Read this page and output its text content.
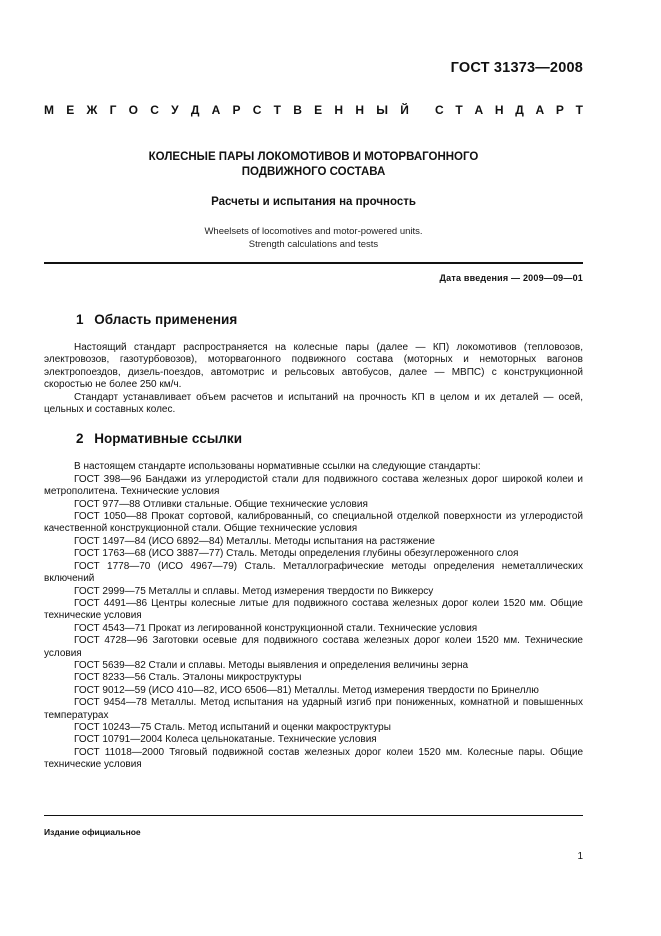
ГОСТ 31373—2008
М Е Ж Г О С У Д А Р С Т В Е Н Н Ы Й С Т А Н Д А Р Т
КОЛЕСНЫЕ ПАРЫ ЛОКОМОТИВОВ И МОТОРВАГОННОГО
ПОДВИЖНОГО СОСТАВА
Расчеты и испытания на прочность
Wheelsets of locomotives and motor-powered units.
Strength calculations and tests
Дата введения — 2009—09—01
1 Область применения

Настоящий стандарт распространяется на колесные пары (далее — КП) локомотивов (тепловозов, электровозов, газотурбовозов), моторвагонного подвижного состава (моторных и немоторных вагонов электропоездов, дизель-поездов, автомотрис и рельсовых автобусов, далее — МВПС) с конструкционной скоростью не более 250 км/ч.

Стандарт устанавливает объем расчетов и испытаний на прочность КП в целом и их деталей — осей, цельных и составных колес.

2 Нормативные ссылки

В настоящем стандарте использованы нормативные ссылки на следующие стандарты:

ГОСТ 398—96 Бандажи из углеродистой стали для подвижного состава железных дорог широкой колеи и метрополитена. Технические условия

ГОСТ 977—88 Отливки стальные. Общие технические условия

ГОСТ 1050—88 Прокат сортовой, калиброванный, со специальной отделкой поверхности из углеродистой качественной конструкционной стали. Общие технические условия

ГОСТ 1497—84 (ИСО 6892—84) Металлы. Методы испытания на растяжение

ГОСТ 1763—68 (ИСО 3887—77) Сталь. Методы определения глубины обезуглероженного слоя

ГОСТ 1778—70 (ИСО 4967—79) Сталь. Металлографические методы определения неметаллических включений

ГОСТ 2999—75 Металлы и сплавы. Метод измерения твердости по Виккерсу

ГОСТ 4491—86 Центры колесные литые для подвижного состава железных дорог колеи 1520 мм. Общие технические условия

ГОСТ 4543—71 Прокат из легированной конструкционной стали. Технические условия

ГОСТ 4728—96 Заготовки осевые для подвижного состава железных дорог колеи 1520 мм. Технические условия

ГОСТ 5639—82 Стали и сплавы. Методы выявления и определения величины зерна

ГОСТ 8233—56 Сталь. Эталоны микроструктуры

ГОСТ 9012—59 (ИСО 410—82, ИСО 6506—81) Металлы. Метод измерения твердости по Бринеллю

ГОСТ 9454—78 Металлы. Метод испытания на ударный изгиб при пониженных, комнатной и повышенных температурах

ГОСТ 10243—75 Сталь. Метод испытаний и оценки макроструктуры

ГОСТ 10791—2004 Колеса цельнокатаные. Технические условия

ГОСТ 11018—2000 Тяговый подвижной состав железных дорог колеи 1520 мм. Колесные пары. Общие технические условия

Издание официальное
1
